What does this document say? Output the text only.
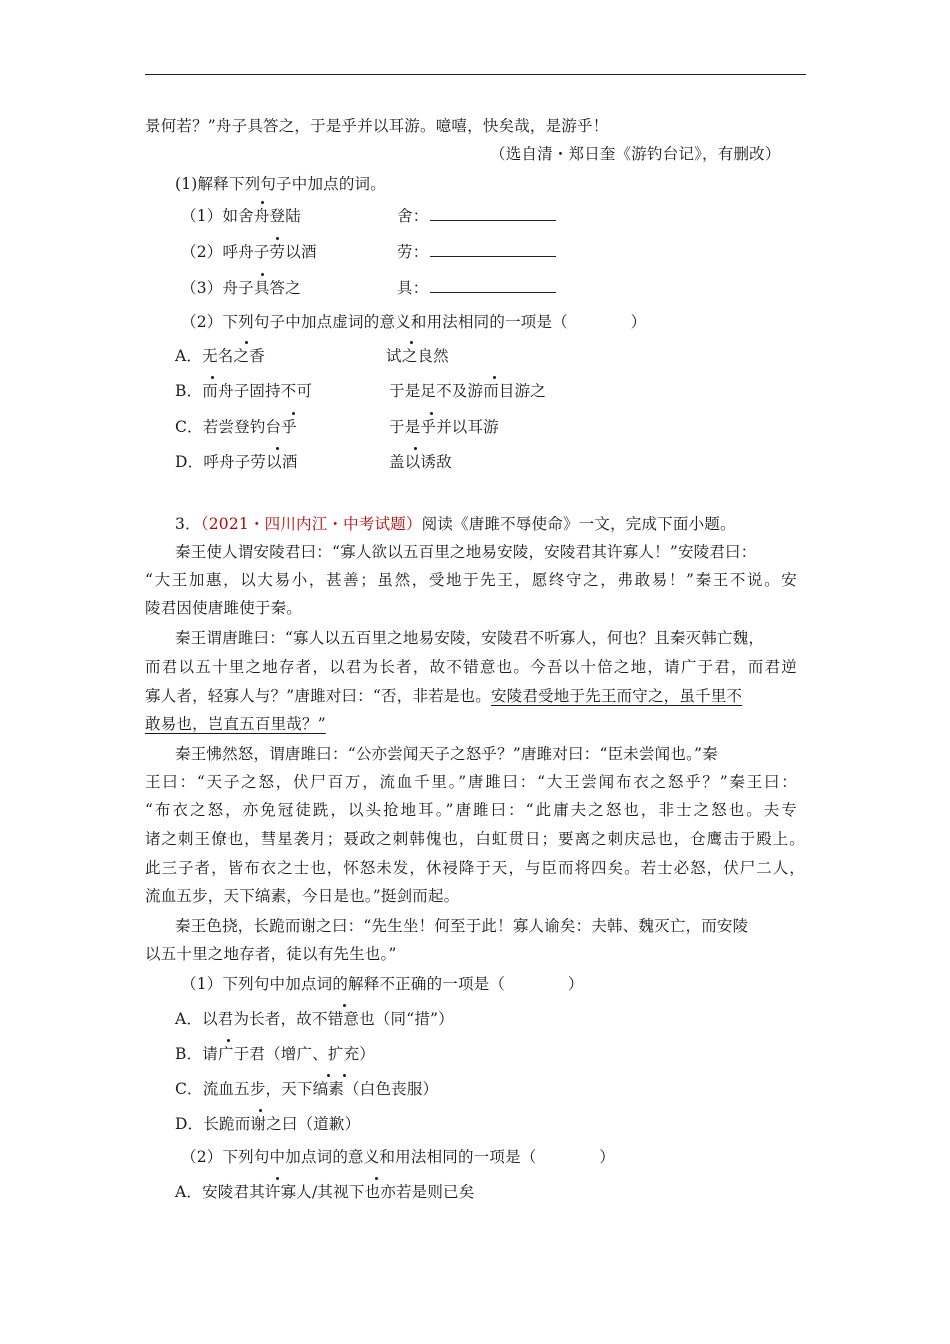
景何若？”舟子具答之，于是乎并以耳游。噫嘻，快矣哉，是游乎！
（选自清・郑日奎《游钓台记》，有删改）
(1)解释下列句子中加点的词。
（1）如舍舟登陆	舍：
（2）呼舟子劳以酒	劳：
（3）舟子具答之	具：
（2）下列句子中加点虚词的意义和用法相同的一项是（　　　　）
A．无名之香	试之良然
B．而舟子固持不可	于是足不及游而目游之
C．若尝登钓台乎	于是乎并以耳游
D．呼舟子劳以酒	盖以诱敌
3．（2021・四川内江・中考试题）阅读《唐雎不辱使命》一文，完成下面小题。
秦王使人谓安陵君曰：“寡人欲以五百里之地易安陵，安陵君其许寡人！”安陵君曰：
“大王加惠，以大易小，甚善；虽然，受地于先王，愿终守之，弗敢易！”秦王不说。安
陵君因使唐雎使于秦。
秦王谓唐雎曰：“寡人以五百里之地易安陵，安陵君不听寡人，何也？且秦灭韩亡魏，
而君以五十里之地存者，以君为长者，故不错意也。今吾以十倍之地，请广于君，而君逆
寡人者，轻寡人与？”唐雎对曰：“否，非若是也。安陵君受地于先王而守之，虽千里不
敢易也，岂直五百里哉？”
秦王怫然怒，谓唐雎曰：“公亦尝闻天子之怒乎？”唐雎对曰：“臣未尝闻也。”秦
王曰：“天子之怒，伏尸百万，流血千里。”唐雎曰：“大王尝闻布衣之怒乎？”秦王曰：
“布衣之怒，亦免冠徒跣，以头抢地耳。”唐雎曰：“此庸夫之怒也，非士之怒也。夫专
诸之刺王僚也，彗星袭月；聂政之刺韩傀也，白虹贯日；要离之刺庆忌也，仓鹰击于殿上。
此三子者，皆布衣之士也，怀怒未发，休祲降于天，与臣而将四矣。若士必怒，伏尸二人，
流血五步，天下缟素，今日是也。”挺剑而起。
秦王色挠，长跪而谢之曰：“先生坐！何至于此！寡人谕矣：夫韩、魏灭亡，而安陵
以五十里之地存者，徒以有先生也。”
（1）下列句中加点词的解释不正确的一项是（　　　　）
A．以君为长者，故不错意也（同“措”）
B．请广于君（增广、扩充）
C．流血五步，天下缟素（白色丧服）
D．长跪而谢之曰（道歉）
（2）下列句中加点词的意义和用法相同的一项是（　　　　）
A．安陵君其许寡人/其视下也亦若是则已矣
